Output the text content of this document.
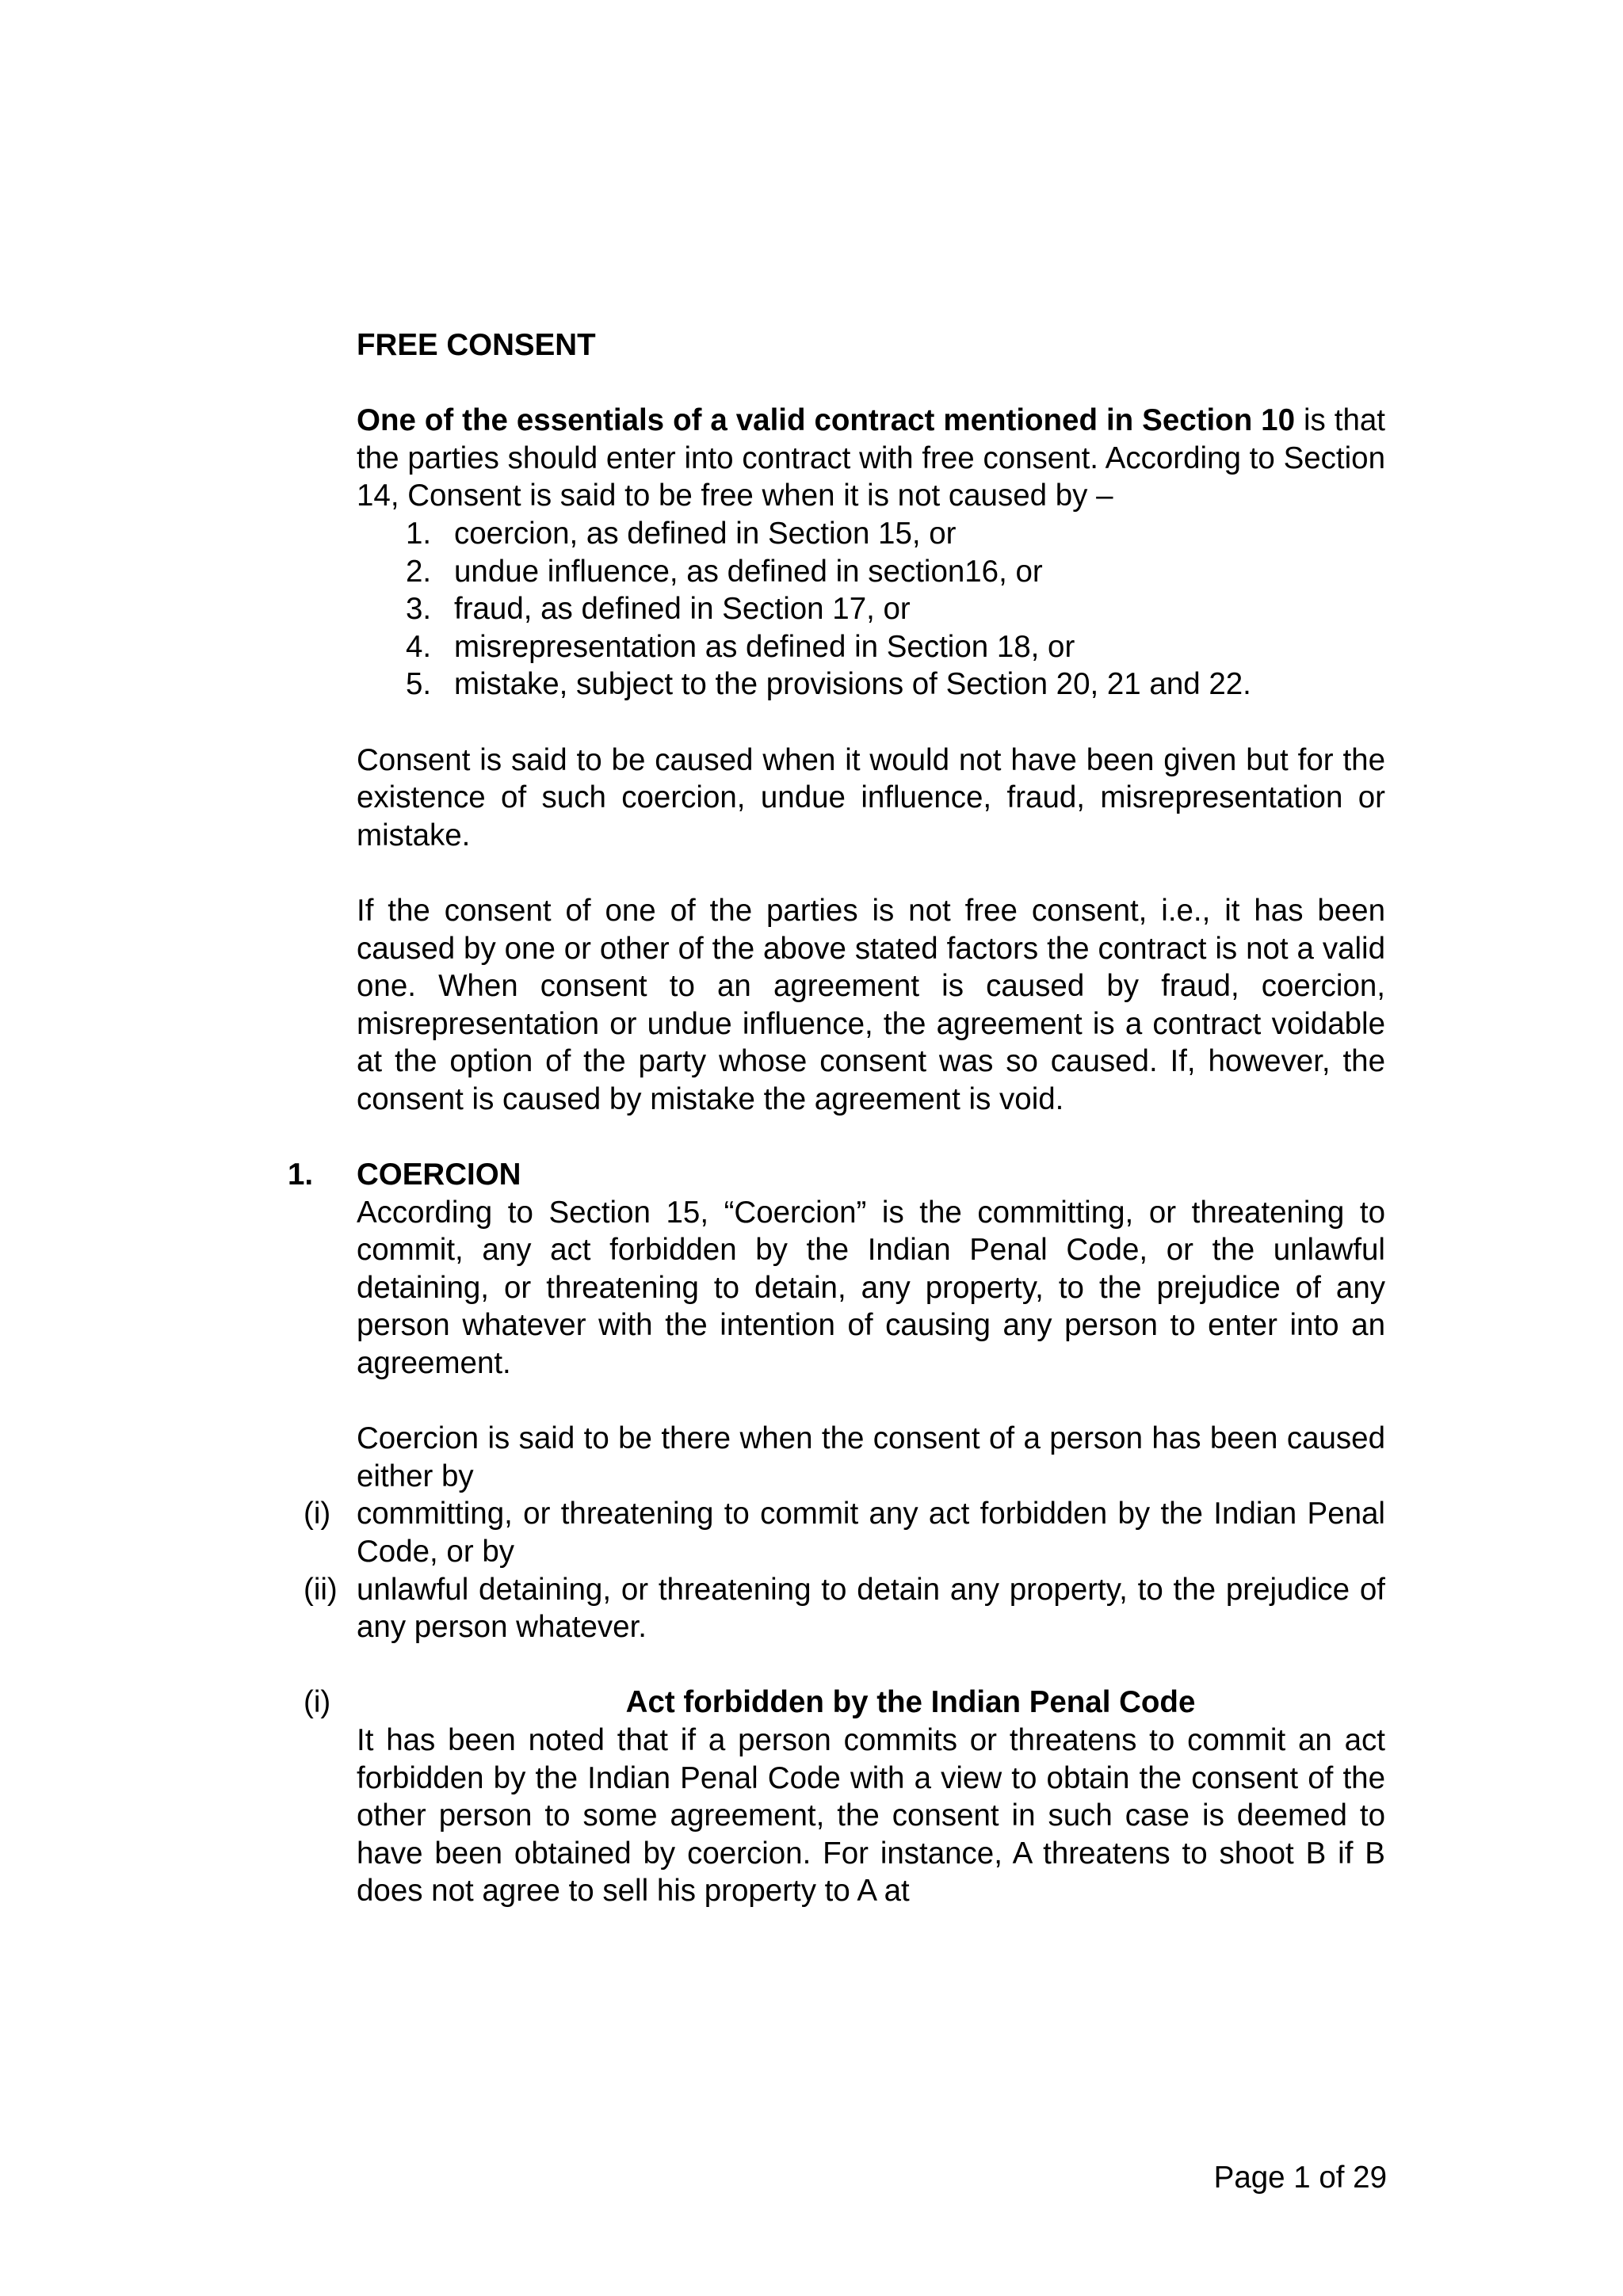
FREE CONSENT

One of the essentials of a valid contract mentioned in Section 10 is that the parties should enter into contract with free consent. According to Section 14, Consent is said to be free when it is not caused by –

1. coercion, as defined in Section 15, or
2. undue influence, as defined in section16, or
3. fraud, as defined in Section 17, or
4. misrepresentation as defined in Section 18, or
5. mistake, subject to the provisions of Section 20, 21 and 22.

Consent is said to be caused when it would not have been given but for the existence of such coercion, undue influence, fraud, misrepresentation or mistake.

If the consent of one of the parties is not free consent, i.e., it has been caused by one or other of the above stated factors the contract is not a valid one. When consent to an agreement is caused by fraud, coercion, misrepresentation or undue influence, the agreement is a contract voidable at the option of the party whose consent was so caused. If, however, the consent is caused by mistake the agreement is void.

1. COERCION

According to Section 15, “Coercion” is the committing, or threatening to commit, any act forbidden by the Indian Penal Code, or the unlawful detaining, or threatening to detain, any property, to the prejudice of any person whatever with the intention of causing any person to enter into an agreement.

Coercion is said to be there when the consent of a person has been caused either by

(i) committing, or threatening to commit any act forbidden by the Indian Penal Code, or by
(ii) unlawful detaining, or threatening to detain any property, to the prejudice of any person whatever.
(i)	Act forbidden by the Indian Penal Code

It has been noted that if a person commits or threatens to commit an act forbidden by the Indian Penal Code with a view to obtain the consent of the other person to some agreement, the consent in such case is deemed to have been obtained by coercion. For instance, A threatens to shoot B if B does not agree to sell his property to A at

Page 1 of 29
